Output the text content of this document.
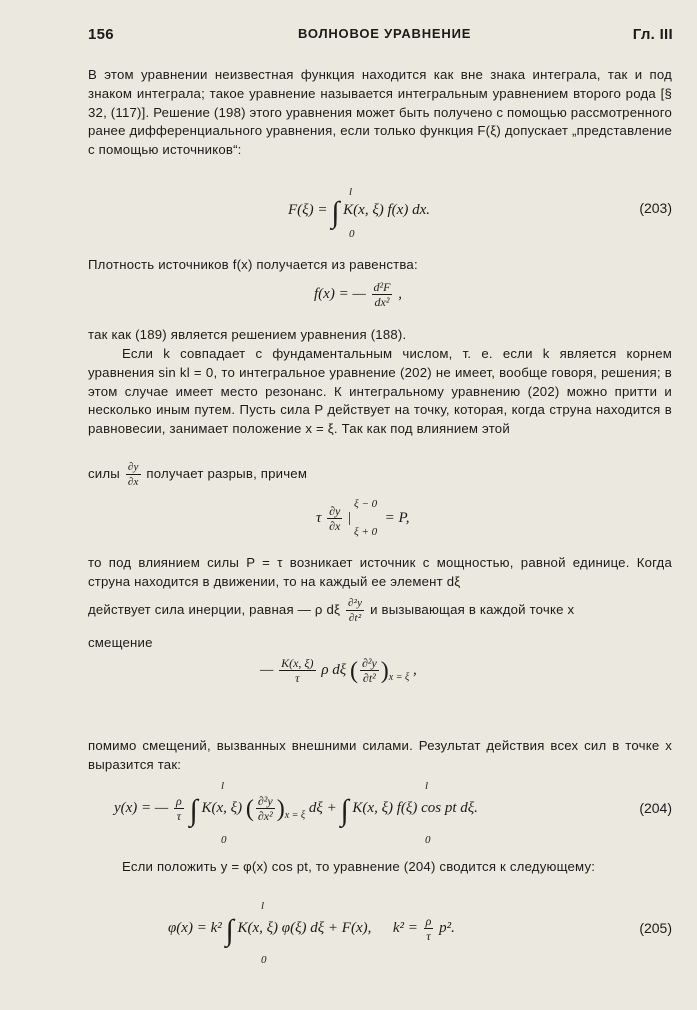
156	ВОЛНОВОЕ УРАВНЕНИЕ	Гл. III
В этом уравнении неизвестная функция находится как вне знака интеграла, так и под знаком интеграла; такое уравнение называется интегральным уравнением второго рода [§ 32, (117)]. Решение (198) этого уравнения может быть получено с помощью рассмотренного ранее дифференциального уравнения, если только функция F(ξ) допускает „представление с помощью источников“:
F(ξ) = ∫ K(x, ξ) f(x) dx.
l
0
(203)
Плотность источников f(x) получается из равенства:
f(x) = — $\frac{\text{d²F}}{\text{dx²}}$ ,
так как (189) является решением уравнения (188).
Если k совпадает с фундаментальным числом, т. е. если k является корнем уравнения sin kl = 0, то интегральное уравнение (202) не имеет, вообще говоря, решения; в этом случае имеет место резонанс. К интегральному уравнению (202) можно притти и несколько иным путем. Пусть сила P действует на точку, которая, когда струна находится в равновесии, занимает положение x = ξ. Так как под влиянием этой
силы $\frac{\partial y}{\partial x}$ получает разрыв, причем
τ $\frac{\partial y}{\partial x}$ | = P,
ξ − 0
ξ + 0
то под влиянием силы P = τ возникает источник с мощностью, равной единице. Когда струна находится в движении, то на каждый ее элемент dξ
действует сила инерции, равная — ρ dξ $\frac{\text{∂²y}}{\text{∂t²}}$ и вызывающая в каждой точке x
смещение
— $\frac{K(x, \xi)}{\tau}$ ρ dξ ( $\frac{\text{∂²y}}{\text{∂t²}} )_{x = \xi}$ ,
помимо смещений, вызванных внешними силами. Результат действия всех сил в точке x выразится так:
y(x) = — $\frac{\rho}{\tau}$ ∫ K(x, ξ) ( $\frac{\text{∂²y}}{\text{∂x²}} )_{x = \xi}$ dξ + ∫ K(x, ξ) f(ξ) cos pt dξ.
l
0
l
0
(204)
Если положить y = φ(x) cos pt, то уравнение (204) сводится к следующему:
φ(x) = k² ∫ K(x, ξ) φ(ξ) dξ + F(x), $k^2 = \frac{\rho}{\tau} p^2$.
l
0
(205)
